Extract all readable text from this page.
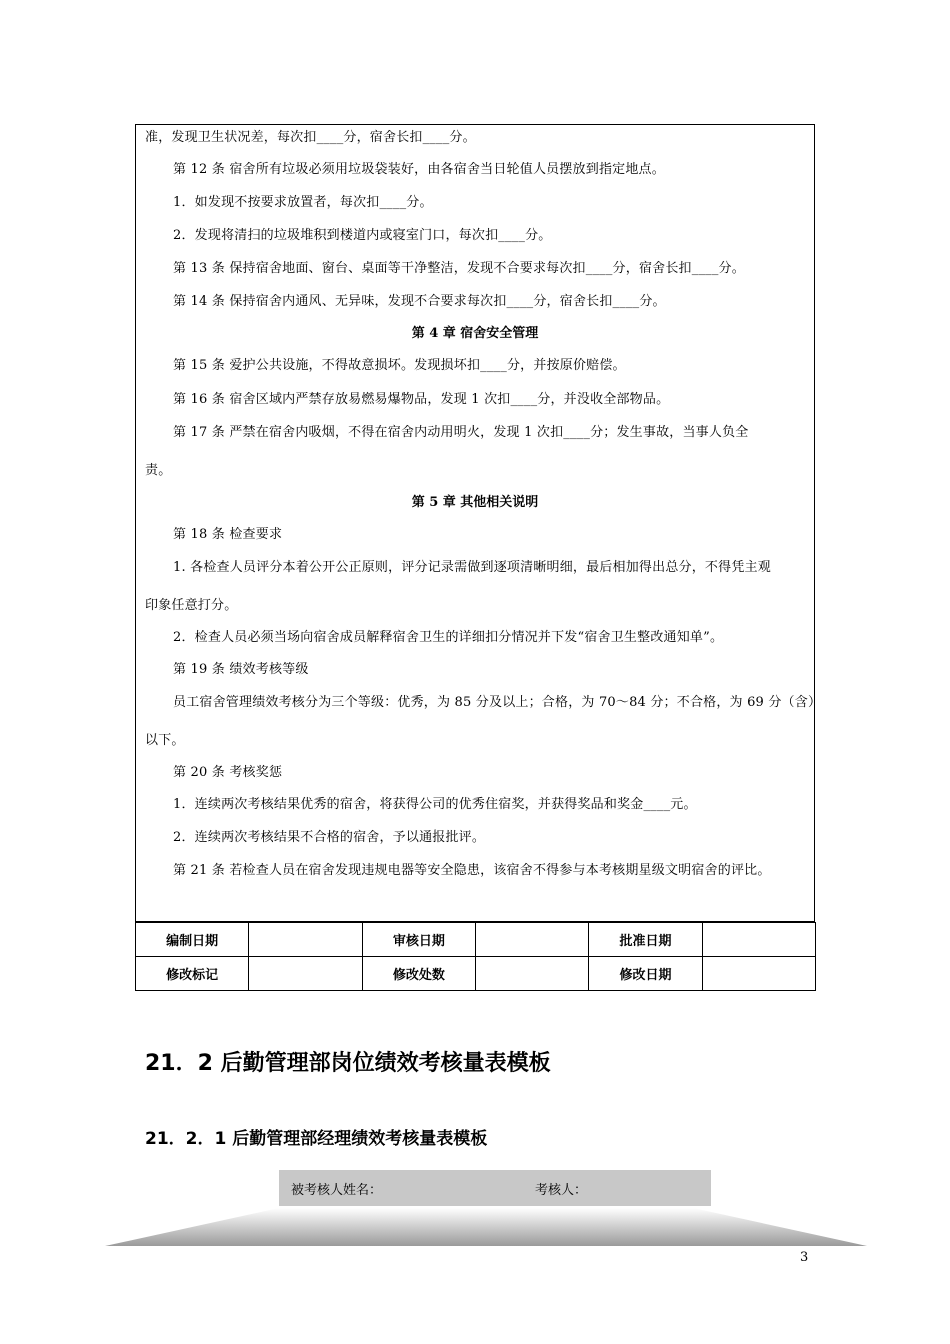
准，发现卫生状况差，每次扣____分，宿舍长扣____分。
第 12 条 宿舍所有垃圾必须用垃圾袋装好，由各宿舍当日轮值人员摆放到指定地点。
1．如发现不按要求放置者，每次扣____分。
2．发现将清扫的垃圾堆积到楼道内或寝室门口，每次扣____分。
第 13 条 保持宿舍地面、窗台、桌面等干净整洁，发现不合要求每次扣____分，宿舍长扣____分。
第 14 条 保持宿舍内通风、无异味，发现不合要求每次扣____分，宿舍长扣____分。
第 4 章 宿舍安全管理
第 15 条 爱护公共设施，不得故意损坏。发现损坏扣____分，并按原价赔偿。
第 16 条 宿舍区域内严禁存放易燃易爆物品，发现 1 次扣____分，并没收全部物品。
第 17 条 严禁在宿舍内吸烟，不得在宿舍内动用明火，发现 1 次扣____分；发生事故，当事人负全
责。
第 5 章 其他相关说明
第 18 条 检查要求
1. 各检查人员评分本着公开公正原则，评分记录需做到逐项清晰明细，最后相加得出总分，不得凭主观
印象任意打分。
2．检查人员必须当场向宿舍成员解释宿舍卫生的详细扣分情况并下发“宿舍卫生整改通知单”。
第 19 条 绩效考核等级
员工宿舍管理绩效考核分为三个等级：优秀，为 85 分及以上；合格，为 70～84 分；不合格，为 69 分（含）
以下。
第 20 条 考核奖惩
1．连续两次考核结果优秀的宿舍，将获得公司的优秀住宿奖，并获得奖品和奖金____元。
2．连续两次考核结果不合格的宿舍，予以通报批评。
第 21 条 若检查人员在宿舍发现违规电器等安全隐患，该宿舍不得参与本考核期星级文明宿舍的评比。
编制日期		审核日期		批准日期	
修改标记		修改处数		修改日期	
21．2 后勤管理部岗位绩效考核量表模板
21．2．1 后勤管理部经理绩效考核量表模板
被考核人姓名：	考核人：
3
